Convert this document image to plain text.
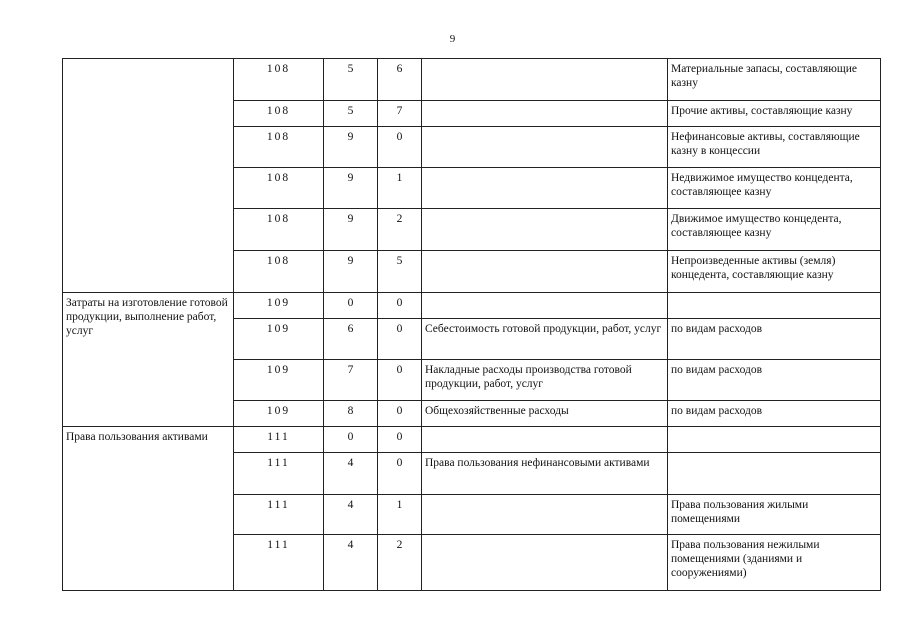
9
	108	5	6		Материальные запасы, составляющие казну
	108	5	7		Прочие активы, составляющие казну
	108	9	0		Нефинансовые активы, составляющие казну в концессии
	108	9	1		Недвижимое имущество концедента, составляющее казну
	108	9	2		Движимое имущество концедента, составляющее казну
	108	9	5		Непроизведенные активы (земля) концедента, составляющие казну
Затраты на изготовление готовой продукции, выполнение работ, услуг	109	0	0		
	109	6	0	Себестоимость готовой продукции, работ, услуг	по видам расходов
	109	7	0	Накладные расходы производства готовой продукции, работ, услуг	по видам расходов
	109	8	0	Общехозяйственные расходы	по видам расходов
Права пользования активами	111	0	0		
	111	4	0	Права пользования нефинансовыми активами	
	111	4	1		Права пользования жилыми помещениями
	111	4	2		Права пользования нежилыми помещениями (зданиями и сооружениями)
